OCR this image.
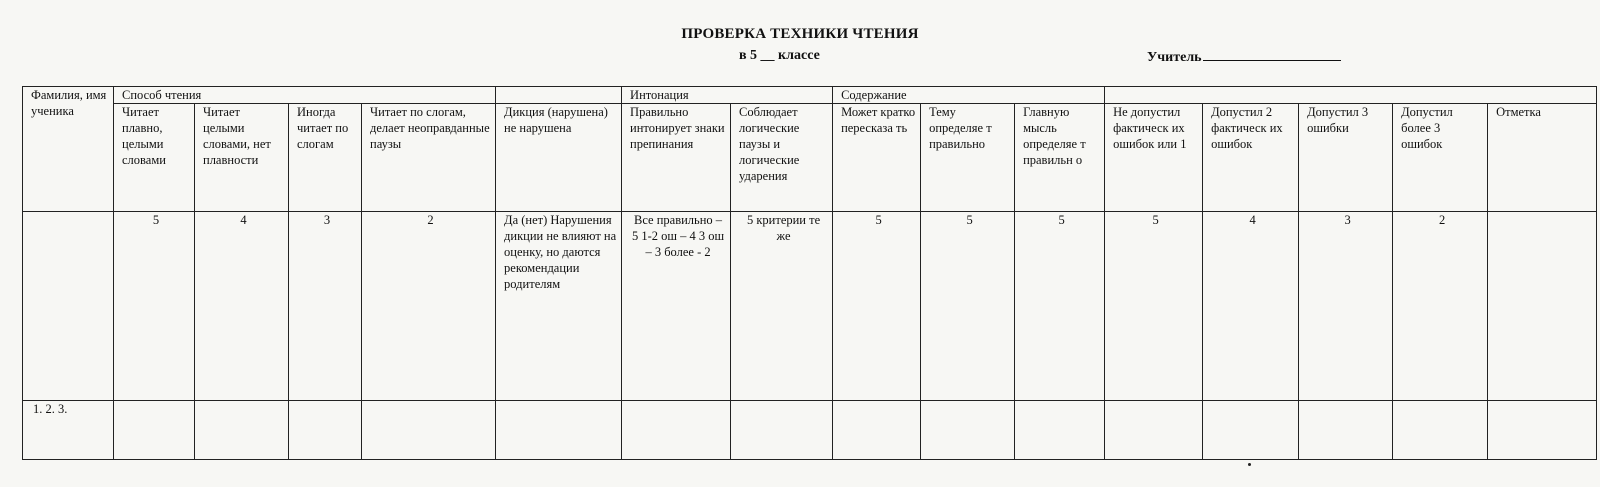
ПРОВЕРКА ТЕХНИКИ ЧТЕНИЯ
в 5 __ классе	Учитель
Фамилия, имя ученика	Способ чтения					Интонация		Содержание							
	Читает плавно, целыми словами	Читает целыми словами, нет плавности	Иногда читает по слогам	Читает по слогам, делает неоправданные паузы	Дикция (нарушена) не нарушена	Правильно интонирует знаки препинания	Соблюдает логические паузы и логические ударения	Может кратко пересказа ть	Тему определяе т правильно	Главную мысль определяе т правильн о	Не допустил фактическ их ошибок или 1	Допустил 2 фактическ их ошибок	Допустил 3 ошибки	Допустил более 3 ошибок	Отметка
	5	4	3	2	Да (нет) Нарушения дикции не влияют на оценку, но даются рекомендации родителям	Все правильно – 5 1-2 ош – 4 3 ош – 3 более - 2	5 критерии те же	5	5	5	5	4	3	2	
1. 2. 3.															
